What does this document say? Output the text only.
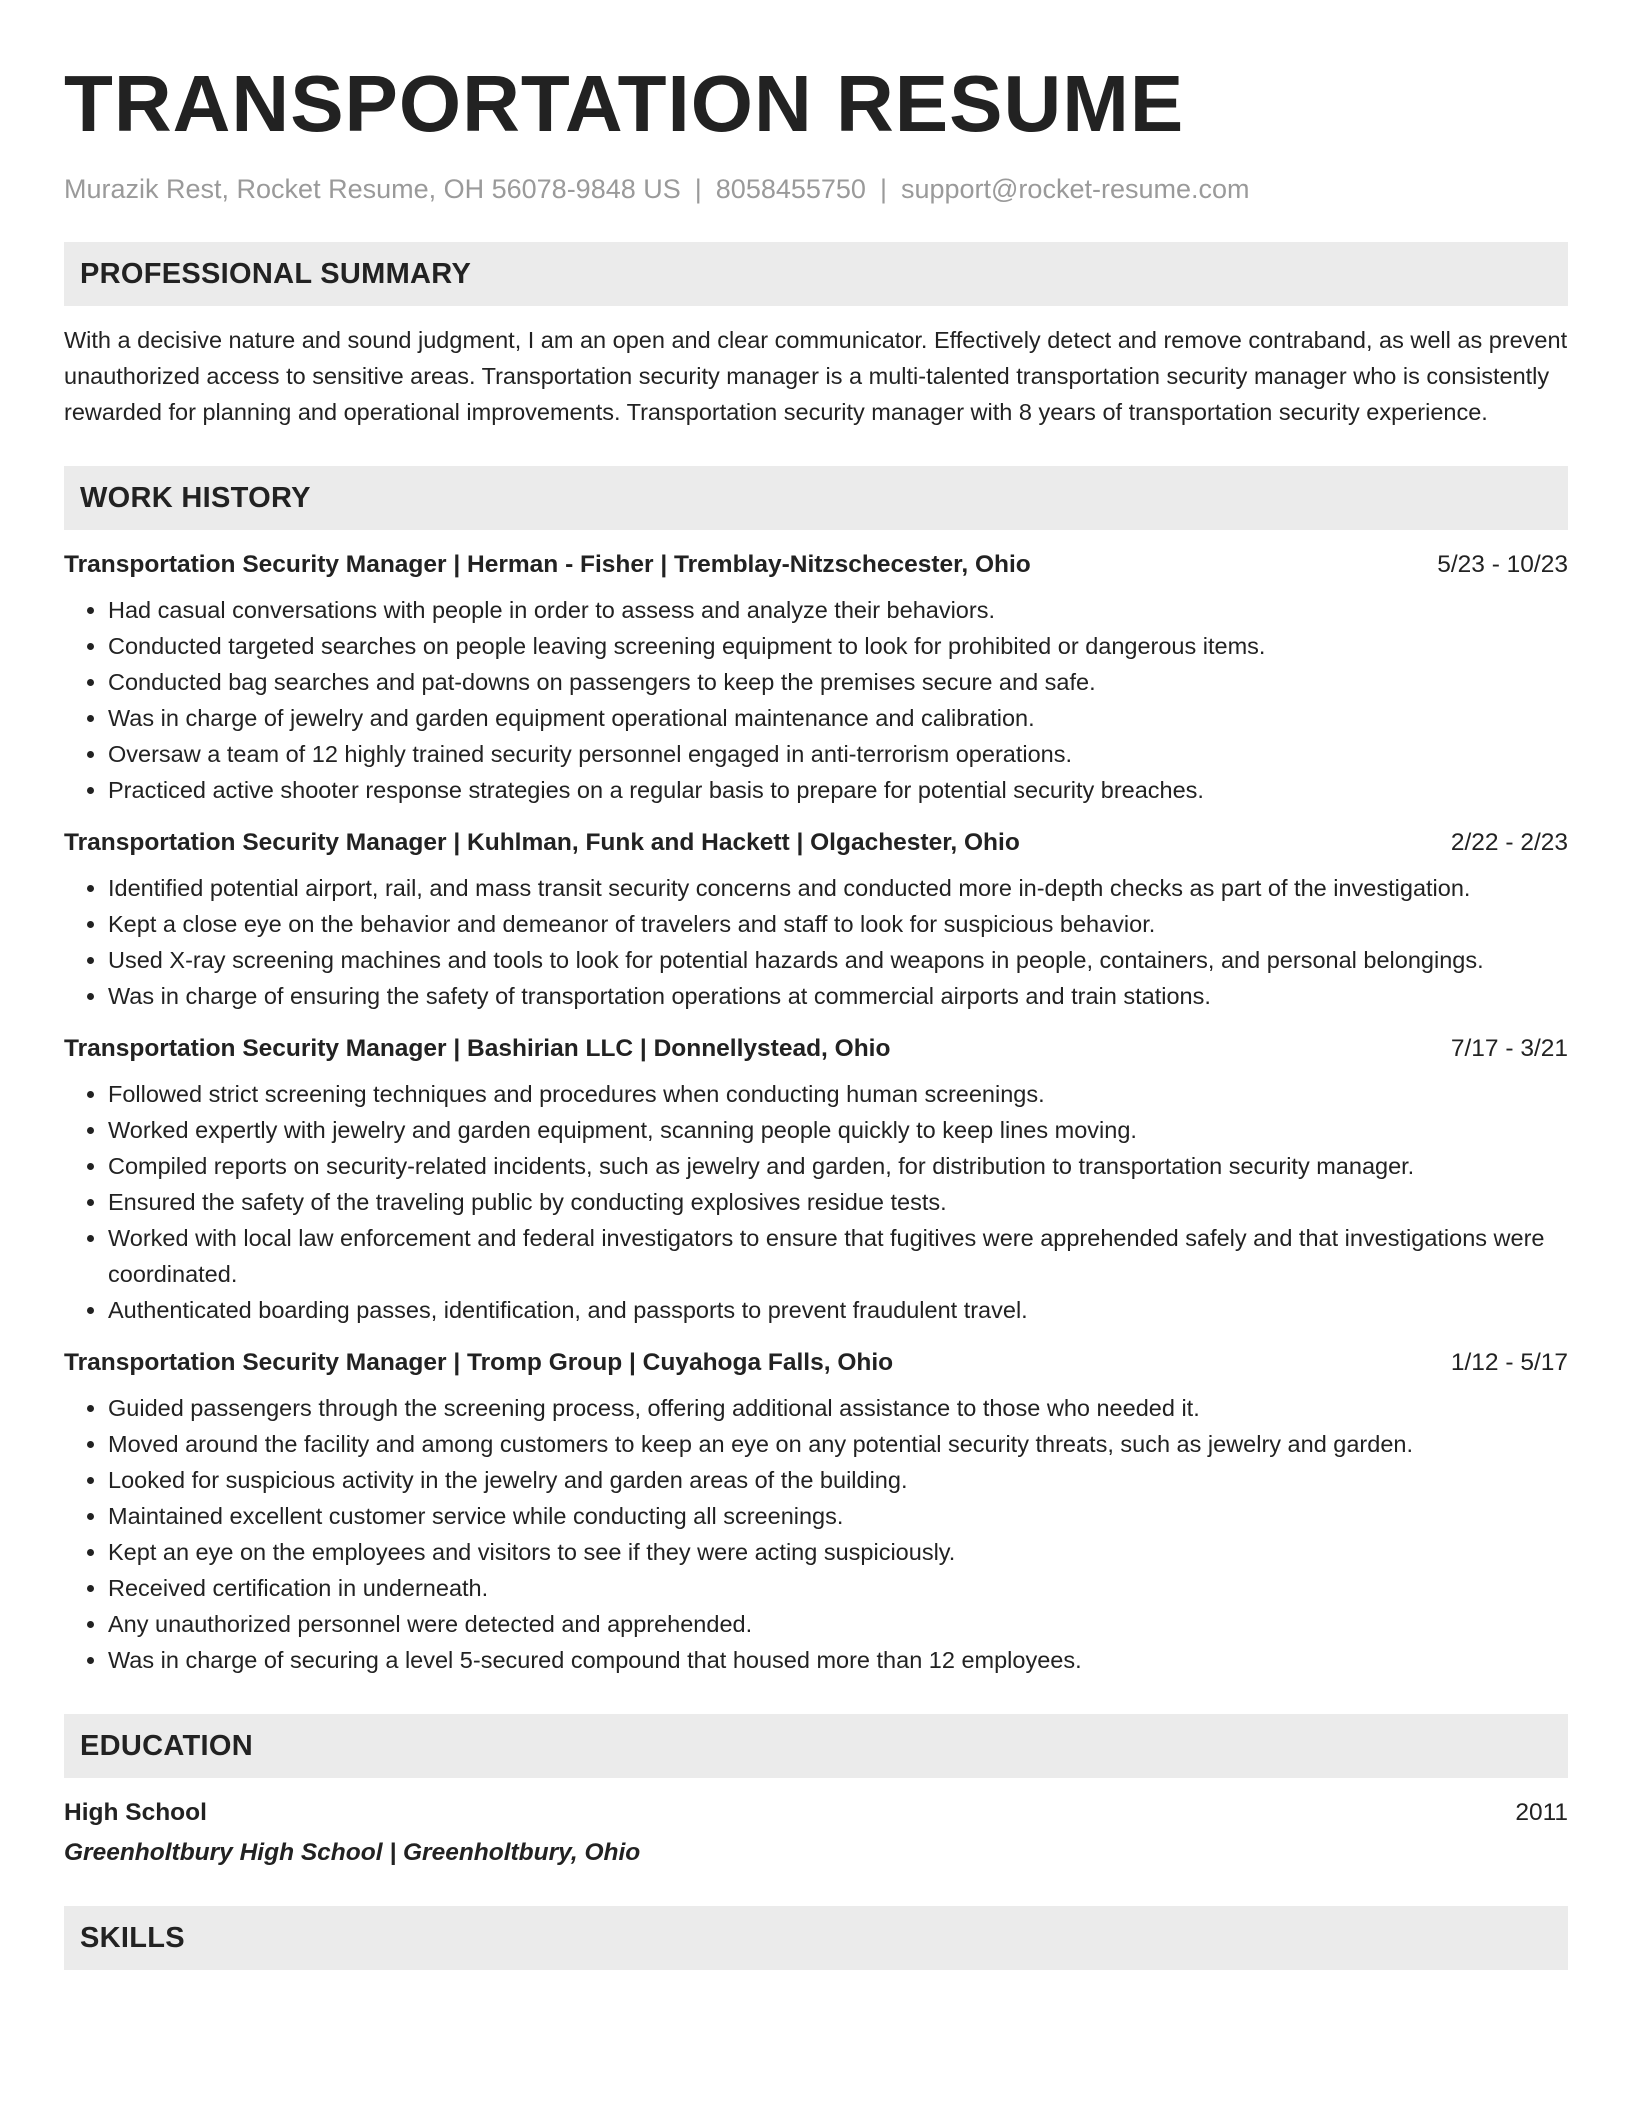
TRANSPORTATION RESUME
Murazik Rest, Rocket Resume, OH 56078-9848 US | 8058455750 | support@rocket-resume.com
PROFESSIONAL SUMMARY

With a decisive nature and sound judgment, I am an open and clear communicator. Effectively detect and remove contraband, as well as prevent unauthorized access to sensitive areas. Transportation security manager is a multi-talented transportation security manager who is consistently rewarded for planning and operational improvements. Transportation security manager with 8 years of transportation security experience.

WORK HISTORY
Transportation Security Manager | Herman - Fisher | Tremblay-Nitzschecester, Ohio	5/23 - 10/23
• Had casual conversations with people in order to assess and analyze their behaviors.
• Conducted targeted searches on people leaving screening equipment to look for prohibited or dangerous items.
• Conducted bag searches and pat-downs on passengers to keep the premises secure and safe.
• Was in charge of jewelry and garden equipment operational maintenance and calibration.
• Oversaw a team of 12 highly trained security personnel engaged in anti-terrorism operations.
• Practiced active shooter response strategies on a regular basis to prepare for potential security breaches.
Transportation Security Manager | Kuhlman, Funk and Hackett | Olgachester, Ohio	2/22 - 2/23
• Identified potential airport, rail, and mass transit security concerns and conducted more in-depth checks as part of the investigation.
• Kept a close eye on the behavior and demeanor of travelers and staff to look for suspicious behavior.
• Used X-ray screening machines and tools to look for potential hazards and weapons in people, containers, and personal belongings.
• Was in charge of ensuring the safety of transportation operations at commercial airports and train stations.
Transportation Security Manager | Bashirian LLC | Donnellystead, Ohio	7/17 - 3/21
• Followed strict screening techniques and procedures when conducting human screenings.
• Worked expertly with jewelry and garden equipment, scanning people quickly to keep lines moving.
• Compiled reports on security-related incidents, such as jewelry and garden, for distribution to transportation security manager.
• Ensured the safety of the traveling public by conducting explosives residue tests.
• Worked with local law enforcement and federal investigators to ensure that fugitives were apprehended safely and that investigations were coordinated.
• Authenticated boarding passes, identification, and passports to prevent fraudulent travel.
Transportation Security Manager | Tromp Group | Cuyahoga Falls, Ohio	1/12 - 5/17
• Guided passengers through the screening process, offering additional assistance to those who needed it.
• Moved around the facility and among customers to keep an eye on any potential security threats, such as jewelry and garden.
• Looked for suspicious activity in the jewelry and garden areas of the building.
• Maintained excellent customer service while conducting all screenings.
• Kept an eye on the employees and visitors to see if they were acting suspiciously.
• Received certification in underneath.
• Any unauthorized personnel were detected and apprehended.
• Was in charge of securing a level 5-secured compound that housed more than 12 employees.
EDUCATION
High School	2011
Greenholtbury High School | Greenholtbury, Ohio
SKILLS
